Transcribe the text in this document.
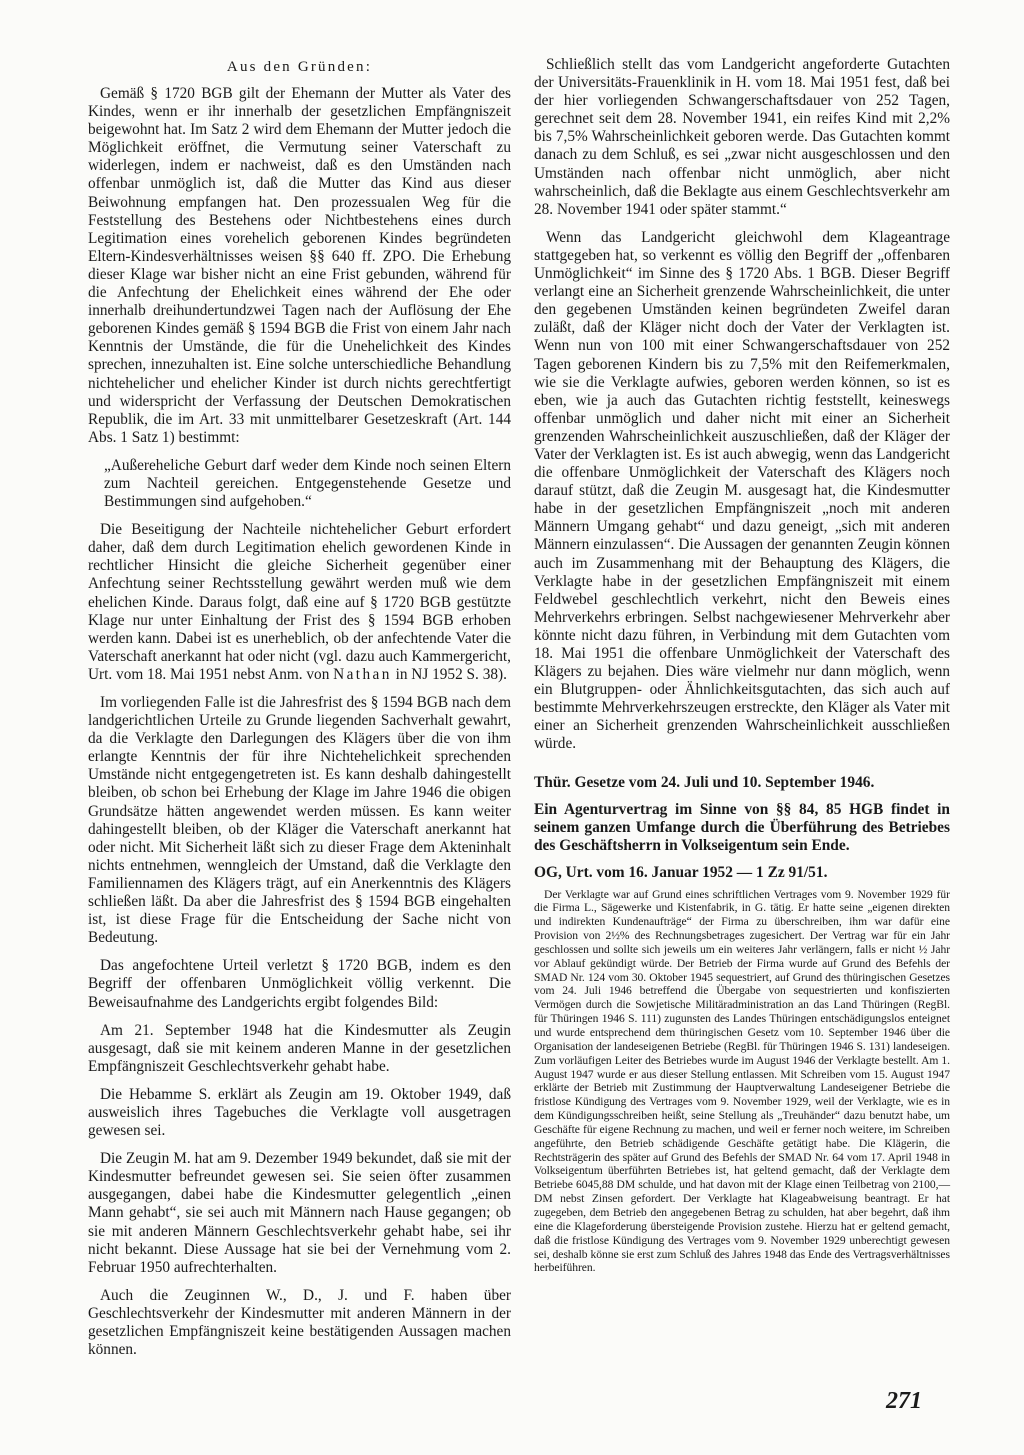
Aus den Gründen:

Gemäß § 1720 BGB gilt der Ehemann der Mutter als Vater des Kindes, wenn er ihr innerhalb der gesetzlichen Empfängniszeit beigewohnt hat. Im Satz 2 wird dem Ehemann der Mutter jedoch die Möglichkeit eröffnet, die Vermutung seiner Vaterschaft zu widerlegen, indem er nachweist, daß es den Umständen nach offenbar unmöglich ist, daß die Mutter das Kind aus dieser Beiwohnung empfangen hat. Den prozessualen Weg für die Feststellung des Bestehens oder Nichtbestehens eines durch Legitimation eines vorehelich geborenen Kindes begründeten Eltern-Kindesverhältnisses weisen §§ 640 ff. ZPO. Die Erhebung dieser Klage war bisher nicht an eine Frist gebunden, während für die Anfechtung der Ehelichkeit eines während der Ehe oder innerhalb dreihundertundzwei Tagen nach der Auflösung der Ehe geborenen Kindes gemäß § 1594 BGB die Frist von einem Jahr nach Kenntnis der Umstände, die für die Unehelichkeit des Kindes sprechen, innezuhalten ist. Eine solche unterschiedliche Behandlung nichtehelicher und ehelicher Kinder ist durch nichts gerechtfertigt und widerspricht der Verfassung der Deutschen Demokratischen Republik, die im Art. 33 mit unmittelbarer Gesetzeskraft (Art. 144 Abs. 1 Satz 1) bestimmt:

„Außereheliche Geburt darf weder dem Kinde noch seinen Eltern zum Nachteil gereichen. Entgegenstehende Gesetze und Bestimmungen sind aufgehoben.“

Die Beseitigung der Nachteile nichtehelicher Geburt erfordert daher, daß dem durch Legitimation ehelich gewordenen Kinde in rechtlicher Hinsicht die gleiche Sicherheit gegenüber einer Anfechtung seiner Rechtsstellung gewährt werden muß wie dem ehelichen Kinde. Daraus folgt, daß eine auf § 1720 BGB gestützte Klage nur unter Einhaltung der Frist des § 1594 BGB erhoben werden kann. Dabei ist es unerheblich, ob der anfechtende Vater die Vaterschaft anerkannt hat oder nicht (vgl. dazu auch Kammergericht, Urt. vom 18. Mai 1951 nebst Anm. von Nathan in NJ 1952 S. 38).

Im vorliegenden Falle ist die Jahresfrist des § 1594 BGB nach dem landgerichtlichen Urteile zu Grunde liegenden Sachverhalt gewahrt, da die Verklagte den Darlegungen des Klägers über die von ihm erlangte Kenntnis der für ihre Nichtehelichkeit sprechenden Umstände nicht entgegengetreten ist. Es kann deshalb dahingestellt bleiben, ob schon bei Erhebung der Klage im Jahre 1946 die obigen Grundsätze hätten angewendet werden müssen. Es kann weiter dahingestellt bleiben, ob der Kläger die Vaterschaft anerkannt hat oder nicht. Mit Sicherheit läßt sich zu dieser Frage dem Akteninhalt nichts entnehmen, wenngleich der Umstand, daß die Verklagte den Familiennamen des Klägers trägt, auf ein Anerkenntnis des Klägers schließen läßt. Da aber die Jahresfrist des § 1594 BGB eingehalten ist, ist diese Frage für die Entscheidung der Sache nicht von Bedeutung.

Das angefochtene Urteil verletzt § 1720 BGB, indem es den Begriff der offenbaren Unmöglichkeit völlig verkennt. Die Beweisaufnahme des Landgerichts ergibt folgendes Bild:

Am 21. September 1948 hat die Kindesmutter als Zeugin ausgesagt, daß sie mit keinem anderen Manne in der gesetzlichen Empfängniszeit Geschlechtsverkehr gehabt habe.

Die Hebamme S. erklärt als Zeugin am 19. Oktober 1949, daß ausweislich ihres Tagebuches die Verklagte voll ausgetragen gewesen sei.

Die Zeugin M. hat am 9. Dezember 1949 bekundet, daß sie mit der Kindesmutter befreundet gewesen sei. Sie seien öfter zusammen ausgegangen, dabei habe die Kindesmutter gelegentlich „einen Mann gehabt“, sie sei auch mit Männern nach Hause gegangen; ob sie mit anderen Männern Geschlechtsverkehr gehabt habe, sei ihr nicht bekannt. Diese Aussage hat sie bei der Vernehmung vom 2. Februar 1950 aufrechterhalten.

Auch die Zeuginnen W., D., J. und F. haben über Geschlechtsverkehr der Kindesmutter mit anderen Männern in der gesetzlichen Empfängniszeit keine bestätigenden Aussagen machen können.

Schließlich stellt das vom Landgericht angeforderte Gutachten der Universitäts-Frauenklinik in H. vom 18. Mai 1951 fest, daß bei der hier vorliegenden Schwangerschaftsdauer von 252 Tagen, gerechnet seit dem 28. November 1941, ein reifes Kind mit 2,2% bis 7,5% Wahrscheinlichkeit geboren werde. Das Gutachten kommt danach zu dem Schluß, es sei „zwar nicht ausgeschlossen und den Umständen nach offenbar nicht unmöglich, aber nicht wahrscheinlich, daß die Beklagte aus einem Geschlechtsverkehr am 28. November 1941 oder später stammt.“

Wenn das Landgericht gleichwohl dem Klageantrage stattgegeben hat, so verkennt es völlig den Begriff der „offenbaren Unmöglichkeit“ im Sinne des § 1720 Abs. 1 BGB. Dieser Begriff verlangt eine an Sicherheit grenzende Wahrscheinlichkeit, die unter den gegebenen Umständen keinen begründeten Zweifel daran zuläßt, daß der Kläger nicht doch der Vater der Verklagten ist. Wenn nun von 100 mit einer Schwangerschaftsdauer von 252 Tagen geborenen Kindern bis zu 7,5% mit den Reifemerkmalen, wie sie die Verklagte aufwies, geboren werden können, so ist es eben, wie ja auch das Gutachten richtig feststellt, keineswegs offenbar unmöglich und daher nicht mit einer an Sicherheit grenzenden Wahrscheinlichkeit auszuschließen, daß der Kläger der Vater der Verklagten ist. Es ist auch abwegig, wenn das Landgericht die offenbare Unmöglichkeit der Vaterschaft des Klägers noch darauf stützt, daß die Zeugin M. ausgesagt hat, die Kindesmutter habe in der gesetzlichen Empfängniszeit „noch mit anderen Männern Umgang gehabt“ und dazu geneigt, „sich mit anderen Männern einzulassen“. Die Aussagen der genannten Zeugin können auch im Zusammenhang mit der Behauptung des Klägers, die Verklagte habe in der gesetzlichen Empfängniszeit mit einem Feldwebel geschlechtlich verkehrt, nicht den Beweis eines Mehrverkehrs erbringen. Selbst nachgewiesener Mehrverkehr aber könnte nicht dazu führen, in Verbindung mit dem Gutachten vom 18. Mai 1951 die offenbare Unmöglichkeit der Vaterschaft des Klägers zu bejahen. Dies wäre vielmehr nur dann möglich, wenn ein Blutgruppen- oder Ähnlichkeitsgutachten, das sich auch auf bestimmte Mehrverkehrszeugen erstreckte, den Kläger als Vater mit einer an Sicherheit grenzenden Wahrscheinlichkeit ausschließen würde.

Thür. Gesetze vom 24. Juli und 10. September 1946.

Ein Agenturvertrag im Sinne von §§ 84, 85 HGB findet in seinem ganzen Umfange durch die Überführung des Betriebes des Geschäftsherrn in Volkseigentum sein Ende.

OG, Urt. vom 16. Januar 1952 — 1 Zz 91/51.

Der Verklagte war auf Grund eines schriftlichen Vertrages vom 9. November 1929 für die Firma L., Sägewerke und Kistenfabrik, in G. tätig. Er hatte seine „eigenen direkten und indirekten Kundenaufträge“ der Firma zu überschreiben, ihm war dafür eine Provision von 2½% des Rechnungsbetrages zugesichert. Der Vertrag war für ein Jahr geschlossen und sollte sich jeweils um ein weiteres Jahr verlängern, falls er nicht ½ Jahr vor Ablauf gekündigt würde. Der Betrieb der Firma wurde auf Grund des Befehls der SMAD Nr. 124 vom 30. Oktober 1945 sequestriert, auf Grund des thüringischen Gesetzes vom 24. Juli 1946 betreffend die Übergabe von sequestrierten und konfiszierten Vermögen durch die Sowjetische Militäradministration an das Land Thüringen (RegBl. für Thüringen 1946 S. 111) zugunsten des Landes Thüringen entschädigungslos enteignet und wurde entsprechend dem thüringischen Gesetz vom 10. September 1946 über die Organisation der landeseigenen Betriebe (RegBl. für Thüringen 1946 S. 131) landeseigen. Zum vorläufigen Leiter des Betriebes wurde im August 1946 der Verklagte bestellt. Am 1. August 1947 wurde er aus dieser Stellung entlassen. Mit Schreiben vom 15. August 1947 erklärte der Betrieb mit Zustimmung der Hauptverwaltung Landeseigener Betriebe die fristlose Kündigung des Vertrages vom 9. November 1929, weil der Verklagte, wie es in dem Kündigungsschreiben heißt, seine Stellung als „Treuhänder“ dazu benutzt habe, um Geschäfte für eigene Rechnung zu machen, und weil er ferner noch weitere, im Schreiben angeführte, den Betrieb schädigende Geschäfte getätigt habe. Die Klägerin, die Rechtsträgerin des später auf Grund des Befehls der SMAD Nr. 64 vom 17. April 1948 in Volkseigentum überführten Betriebes ist, hat geltend gemacht, daß der Verklagte dem Betriebe 6045,88 DM schulde, und hat davon mit der Klage einen Teilbetrag von 2100,— DM nebst Zinsen gefordert. Der Verklagte hat Klageabweisung beantragt. Er hat zugegeben, dem Betrieb den angegebenen Betrag zu schulden, hat aber begehrt, daß ihm eine die Klageforderung übersteigende Provision zustehe. Hierzu hat er geltend gemacht, daß die fristlose Kündigung des Vertrages vom 9. November 1929 unberechtigt gewesen sei, deshalb könne sie erst zum Schluß des Jahres 1948 das Ende des Vertragsverhältnisses herbeiführen.

271
